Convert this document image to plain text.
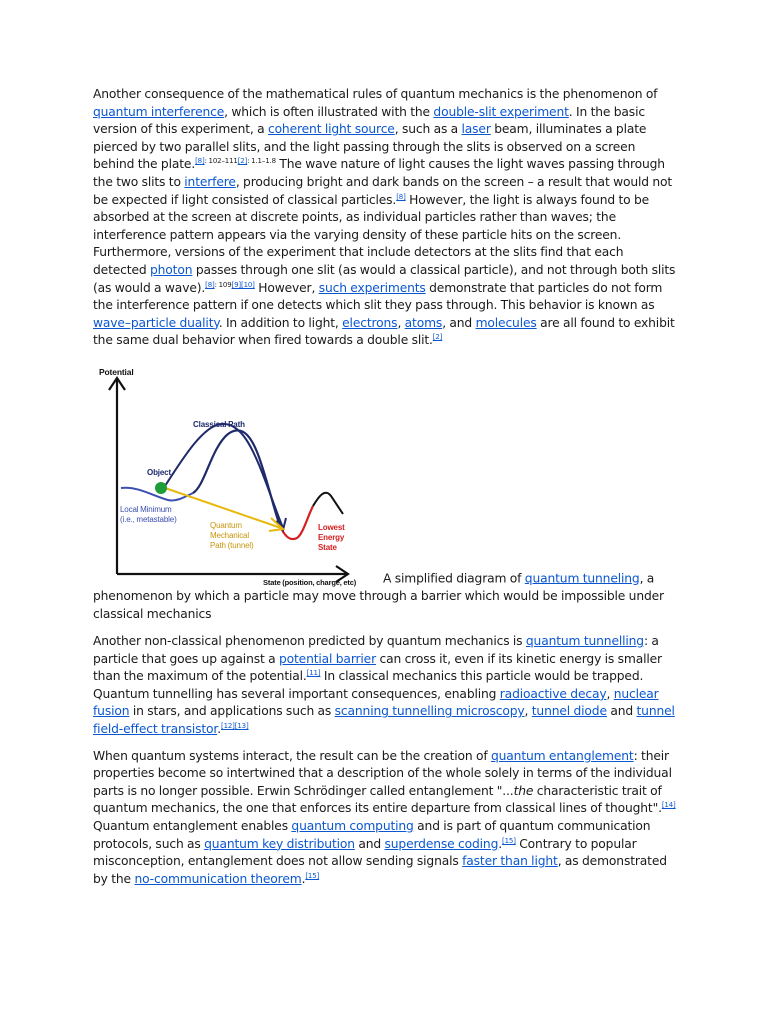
Another consequence of the mathematical rules of quantum mechanics is the phenomenon of quantum interference, which is often illustrated with the double-slit experiment. In the basic version of this experiment, a coherent light source, such as a laser beam, illuminates a plate pierced by two parallel slits, and the light passing through the slits is observed on a screen behind the plate.$^{[8]: 102-111[2]: 1.1-1.8}$ The wave nature of light causes the light waves passing through the two slits to interfere, producing bright and dark bands on the screen – a result that would not be expected if light consisted of classical particles.[8] However, the light is always found to be absorbed at the screen at discrete points, as individual particles rather than waves; the interference pattern appears via the varying density of these particle hits on the screen. Furthermore, versions of the experiment that include detectors at the slits find that each detected photon passes through one slit (as would a classical particle), and not through both slits (as would a wave).[8]: 109[9][10] However, such experiments demonstrate that particles do not form the interference pattern if one detects which slit they pass through. This behavior is known as wave–particle duality. In addition to light, electrons, atoms, and molecules are all found to exhibit the same dual behavior when fired towards a double slit.[2]

Potential
Object
Classical Path
Local Minimum
(i.e., metastable)
Quantum
Mechanical
Path (tunnel)
Lowest
Energy
State
State (position, charge, etc) A simplified diagram of quantum tunneling, a phenomenon by which a particle may move through a barrier which would be impossible under classical mechanics

Another non-classical phenomenon predicted by quantum mechanics is quantum tunnelling: a particle that goes up against a potential barrier can cross it, even if its kinetic energy is smaller than the maximum of the potential.[11] In classical mechanics this particle would be trapped. Quantum tunnelling has several important consequences, enabling radioactive decay, nuclear fusion in stars, and applications such as scanning tunnelling microscopy, tunnel diode and tunnel field-effect transistor.[12][13]

When quantum systems interact, the result can be the creation of quantum entanglement: their properties become so intertwined that a description of the whole solely in terms of the individual parts is no longer possible. Erwin Schrödinger called entanglement "...the characteristic trait of quantum mechanics, the one that enforces its entire departure from classical lines of thought".[14] Quantum entanglement enables quantum computing and is part of quantum communication protocols, such as quantum key distribution and superdense coding.[15] Contrary to popular misconception, entanglement does not allow sending signals faster than light, as demonstrated by the no-communication theorem.[15]
